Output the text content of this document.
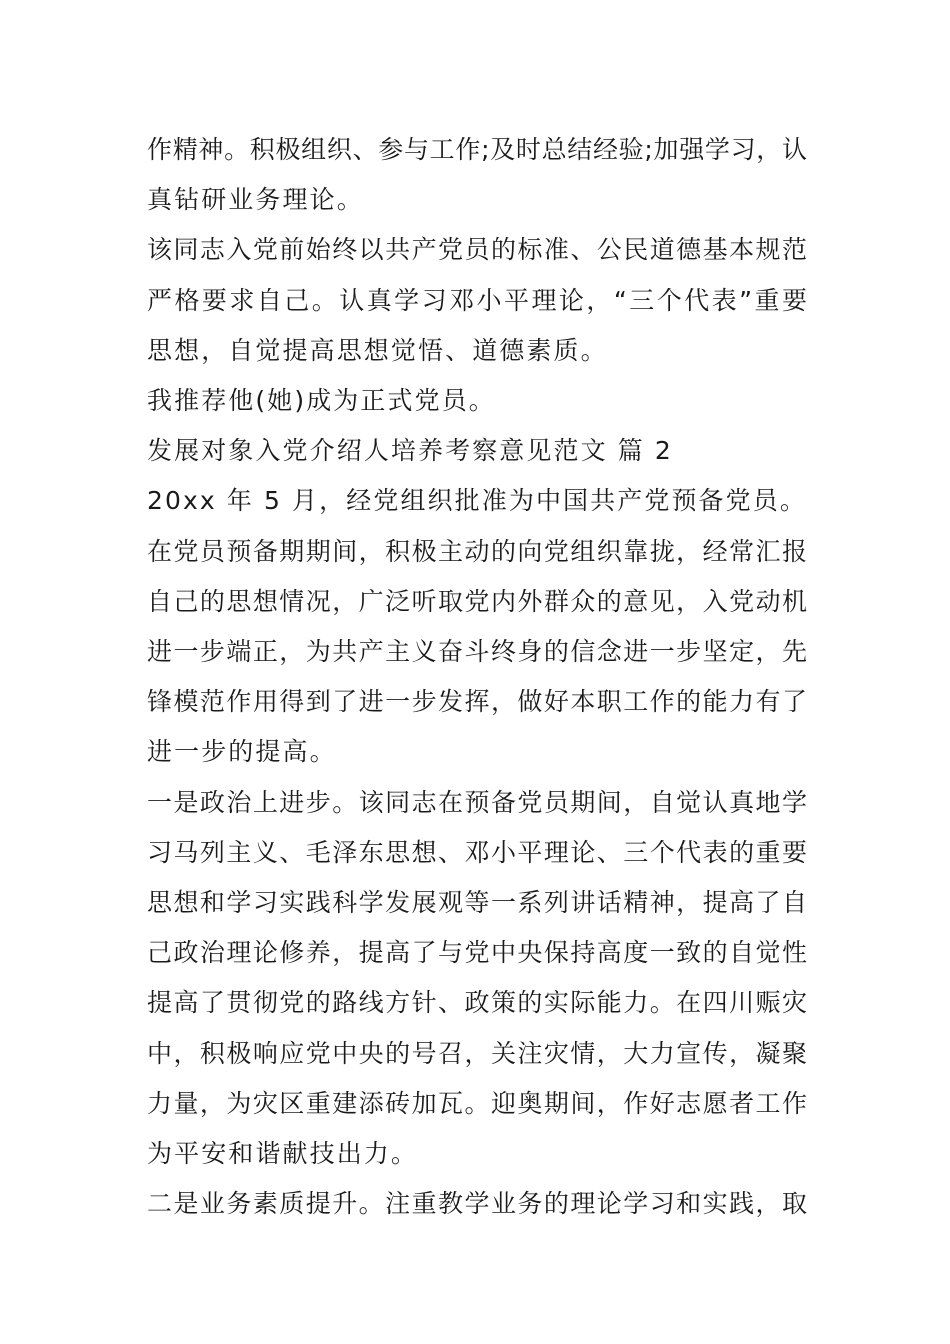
作精神。积极组织、参与工作;及时总结经验;加强学习，认
真钻研业务理论。
该同志入党前始终以共产党员的标准、公民道德基本规范
严格要求自己。认真学习邓小平理论，“三个代表”重要
思想，自觉提高思想觉悟、道德素质。
我推荐他(她)成为正式党员。
发展对象入党介绍人培养考察意见范文 篇 2
20xx 年 5 月，经党组织批准为中国共产党预备党员。
在党员预备期期间，积极主动的向党组织靠拢，经常汇报
自己的思想情况，广泛听取党内外群众的意见，入党动机
进一步端正，为共产主义奋斗终身的信念进一步坚定，先
锋模范作用得到了进一步发挥，做好本职工作的能力有了
进一步的提高。
一是政治上进步。该同志在预备党员期间，自觉认真地学
习马列主义、毛泽东思想、邓小平理论、三个代表的重要
思想和学习实践科学发展观等一系列讲话精神，提高了自
己政治理论修养，提高了与党中央保持高度一致的自觉性
提高了贯彻党的路线方针、政策的实际能力。在四川赈灾
中，积极响应党中央的号召，关注灾情，大力宣传，凝聚
力量，为灾区重建添砖加瓦。迎奥期间，作好志愿者工作
为平安和谐献技出力。
二是业务素质提升。注重教学业务的理论学习和实践，取
